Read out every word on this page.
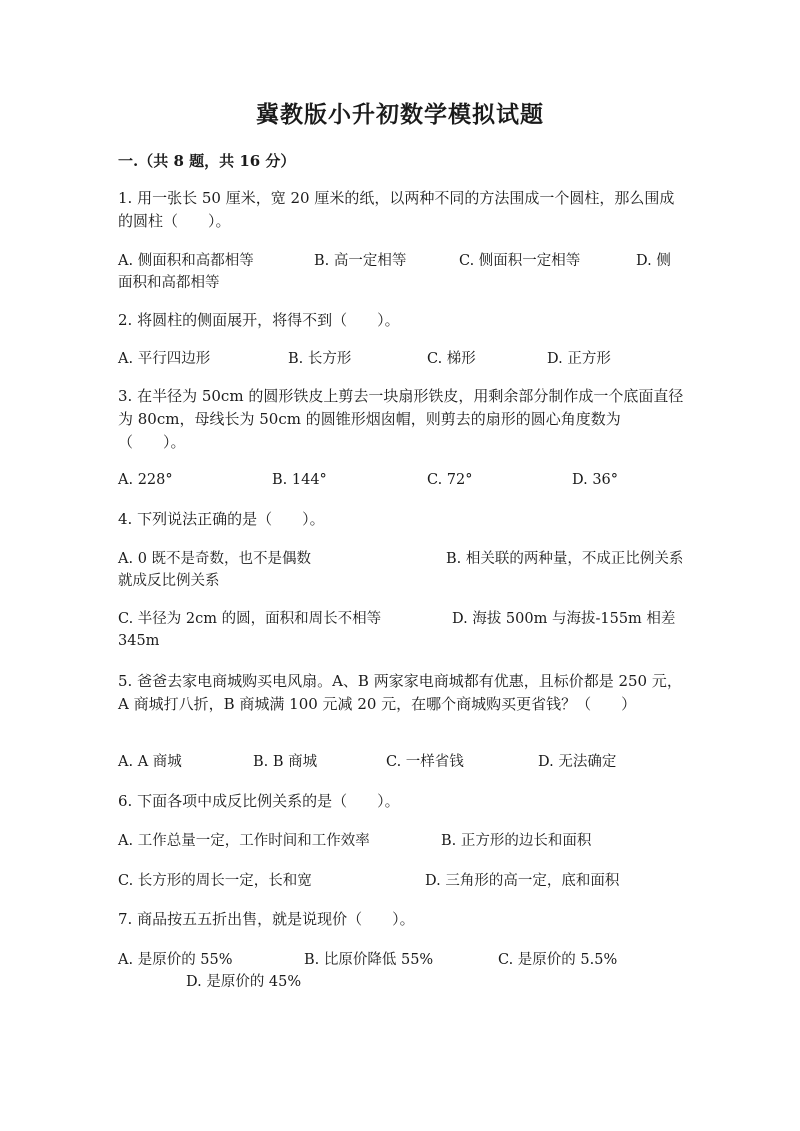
冀教版小升初数学模拟试题
一.（共 8 题，共 16 分）
1. 用一张长 50 厘米，宽 20 厘米的纸，以两种不同的方法围成一个圆柱，那么围成的圆柱（　　）。
A. 侧面积和高都相等	B. 高一定相等	C. 侧面积一定相等	D. 侧面积和高都相等
2. 将圆柱的侧面展开，将得不到（　　）。
A. 平行四边形	B. 长方形	C. 梯形	D. 正方形
3. 在半径为 50cm 的圆形铁皮上剪去一块扇形铁皮，用剩余部分制作成一个底面直径为 80cm，母线长为 50cm 的圆锥形烟囱帽，则剪去的扇形的圆心角度数为（　　）。
A. 228°	B. 144°	C. 72°	D. 36°
4. 下列说法正确的是（　　）。
A. 0 既不是奇数，也不是偶数	B. 相关联的两种量，不成正比例关系就成反比例关系
C. 半径为 2cm 的圆，面积和周长不相等	D. 海拔 500m 与海拔-155m 相差 345m
5. 爸爸去家电商城购买电风扇。A、B 两家家电商城都有优惠，且标价都是 250 元，A 商城打八折，B 商城满 100 元减 20 元，在哪个商城购买更省钱？（　　）
A. A 商城	B. B 商城	C. 一样省钱	D. 无法确定
6. 下面各项中成反比例关系的是（　　）。
A. 工作总量一定，工作时间和工作效率	B. 正方形的边长和面积
C. 长方形的周长一定，长和宽	D. 三角形的高一定，底和面积
7. 商品按五五折出售，就是说现价（　　）。
A. 是原价的 55%	B. 比原价降低 55%	C. 是原价的 5.5%
D. 是原价的 45%
